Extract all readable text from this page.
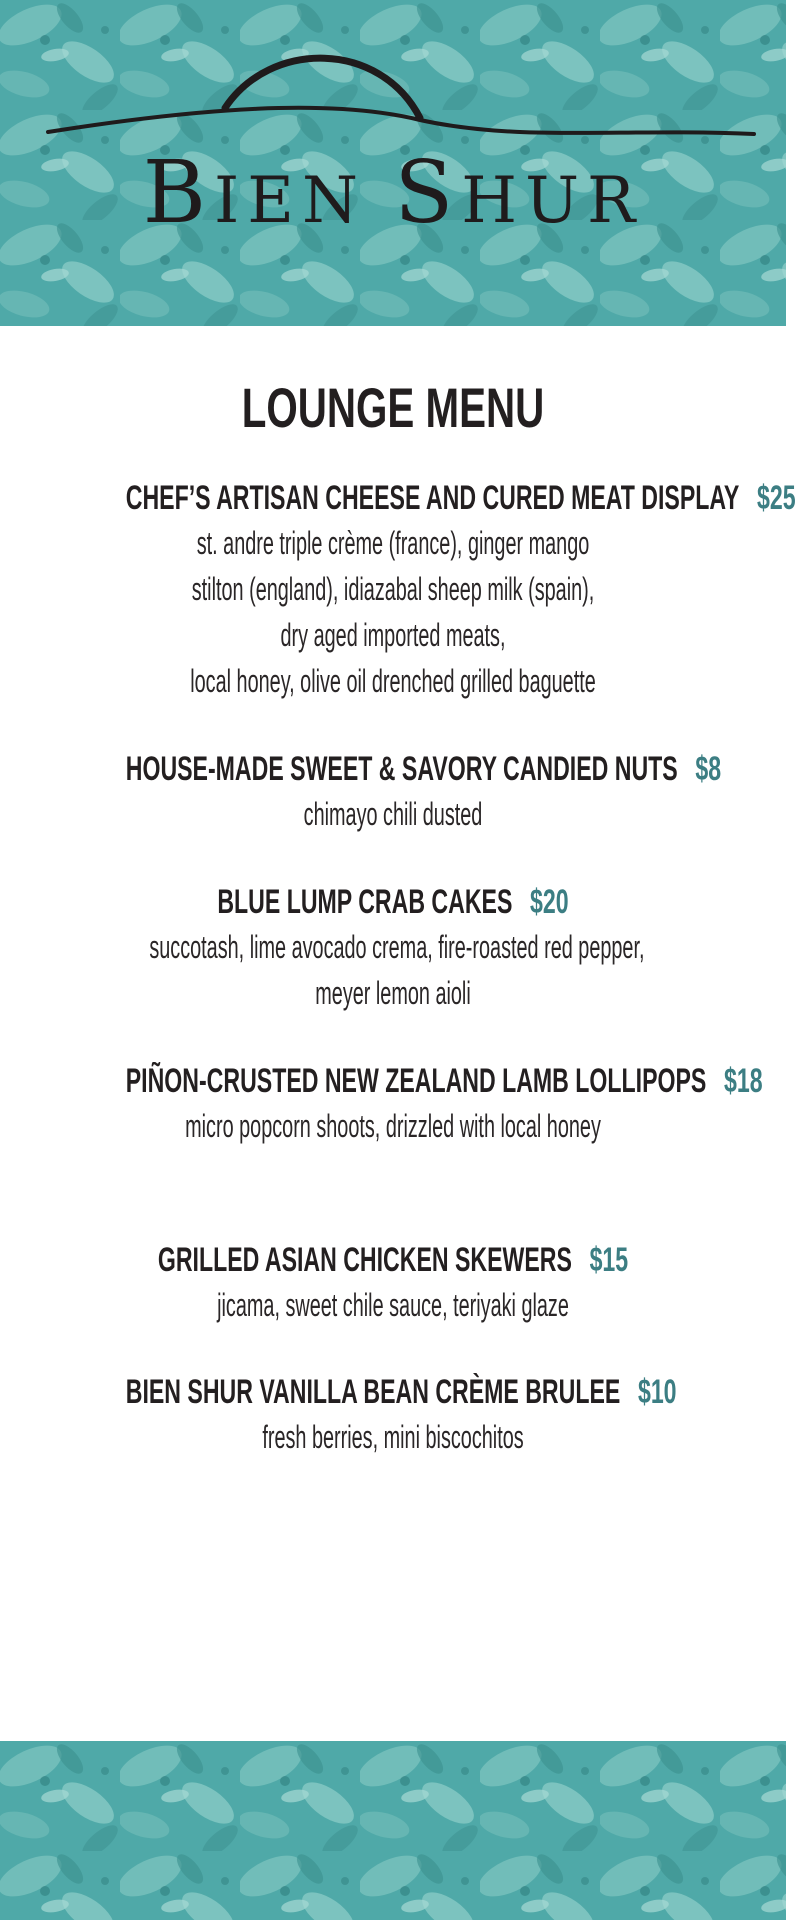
BIEN SHUR
LOUNGE MENU
CHEF’S ARTISAN CHEESE AND CURED MEAT DISPLAY $25
st. andre triple crème (france), ginger mango
stilton (england), idiazabal sheep milk (spain),
dry aged imported meats,
local honey, olive oil drenched grilled baguette
HOUSE-MADE SWEET & SAVORY CANDIED NUTS $8
chimayo chili dusted
BLUE LUMP CRAB CAKES $20
succotash, lime avocado crema, fire-roasted red pepper,
meyer lemon aioli
PIÑON-CRUSTED NEW ZEALAND LAMB LOLLIPOPS $18
micro popcorn shoots, drizzled with local honey
GRILLED ASIAN CHICKEN SKEWERS $15
jicama, sweet chile sauce, teriyaki glaze
BIEN SHUR VANILLA BEAN CRÈME BRULEE $10
fresh berries, mini biscochitos
